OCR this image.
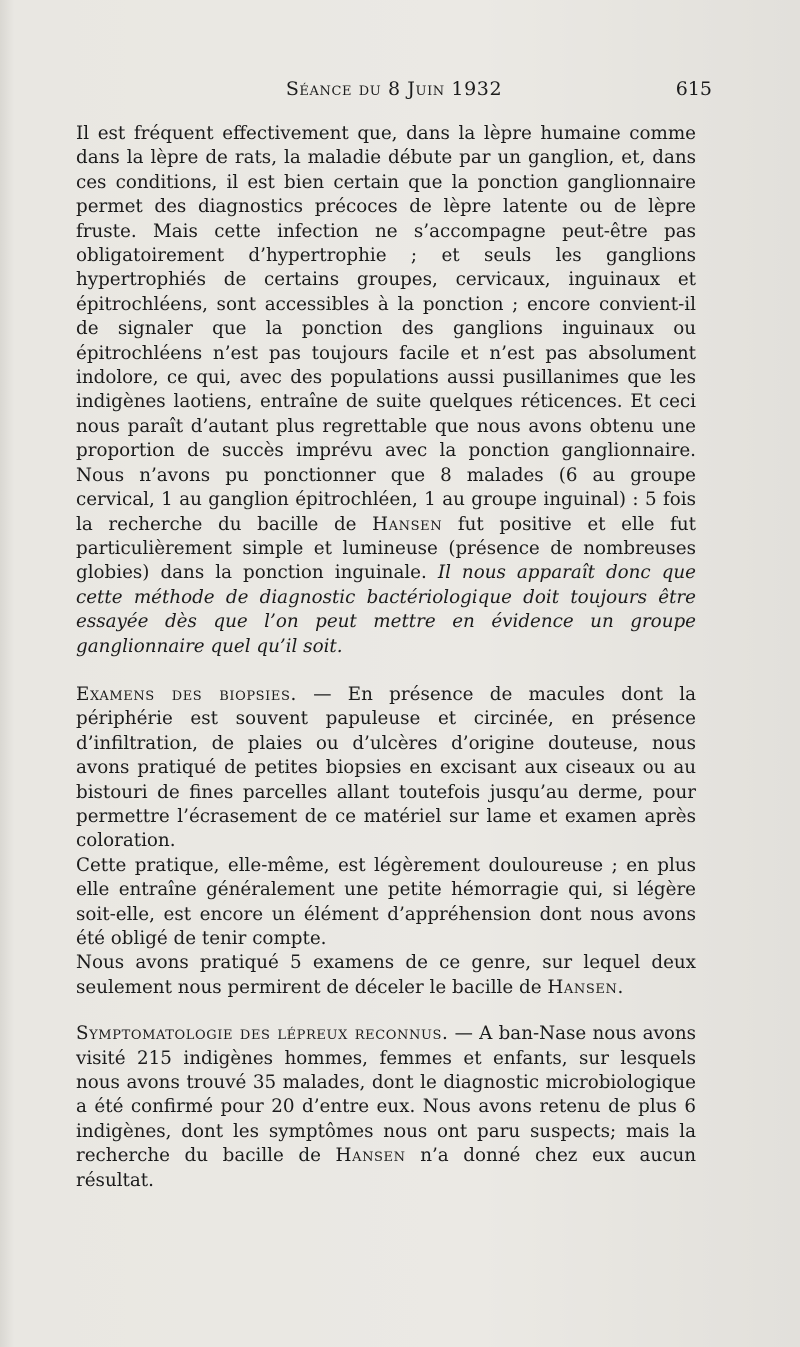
Séance du 8 Juin 1932	615

Il est fréquent effectivement que, dans la lèpre humaine comme dans la lèpre de rats, la maladie débute par un ganglion, et, dans ces conditions, il est bien certain que la ponction ganglionnaire permet des diagnostics précoces de lèpre latente ou de lèpre fruste. Mais cette infection ne s’accompagne peut-être pas obligatoirement d’hypertrophie ; et seuls les ganglions hypertrophiés de certains groupes, cervicaux, inguinaux et épitrochléens, sont accessibles à la ponction ; encore convient-il de signaler que la ponction des ganglions inguinaux ou épitrochléens n’est pas toujours facile et n’est pas absolument indolore, ce qui, avec des populations aussi pusillanimes que les indigènes laotiens, entraîne de suite quelques réticences. Et ceci nous paraît d’autant plus regrettable que nous avons obtenu une proportion de succès imprévu avec la ponction ganglionnaire. Nous n’avons pu ponctionner que 8 malades (6 au groupe cervical, 1 au ganglion épitrochléen, 1 au groupe inguinal) : 5 fois la recherche du bacille de Hansen fut positive et elle fut particulièrement simple et lumineuse (présence de nombreuses globies) dans la ponction inguinale. Il nous apparaît donc que cette méthode de diagnostic bactériologique doit toujours être essayée dès que l’on peut mettre en évidence un groupe ganglionnaire quel qu’il soit.

Examens des biopsies. — En présence de macules dont la périphérie est souvent papuleuse et circinée, en présence d’infiltration, de plaies ou d’ulcères d’origine douteuse, nous avons pratiqué de petites biopsies en excisant aux ciseaux ou au bistouri de fines parcelles allant toutefois jusqu’au derme, pour permettre l’écrasement de ce matériel sur lame et examen après coloration.

Cette pratique, elle-même, est légèrement douloureuse ; en plus elle entraîne généralement une petite hémorragie qui, si légère soit-elle, est encore un élément d’appréhension dont nous avons été obligé de tenir compte.

Nous avons pratiqué 5 examens de ce genre, sur lequel deux seulement nous permirent de déceler le bacille de Hansen.

Symptomatologie des lépreux reconnus. — A ban-Nase nous avons visité 215 indigènes hommes, femmes et enfants, sur lesquels nous avons trouvé 35 malades, dont le diagnostic microbiologique a été confirmé pour 20 d’entre eux. Nous avons retenu de plus 6 indigènes, dont les symptômes nous ont paru suspects; mais la recherche du bacille de Hansen n’a donné chez eux aucun résultat.
